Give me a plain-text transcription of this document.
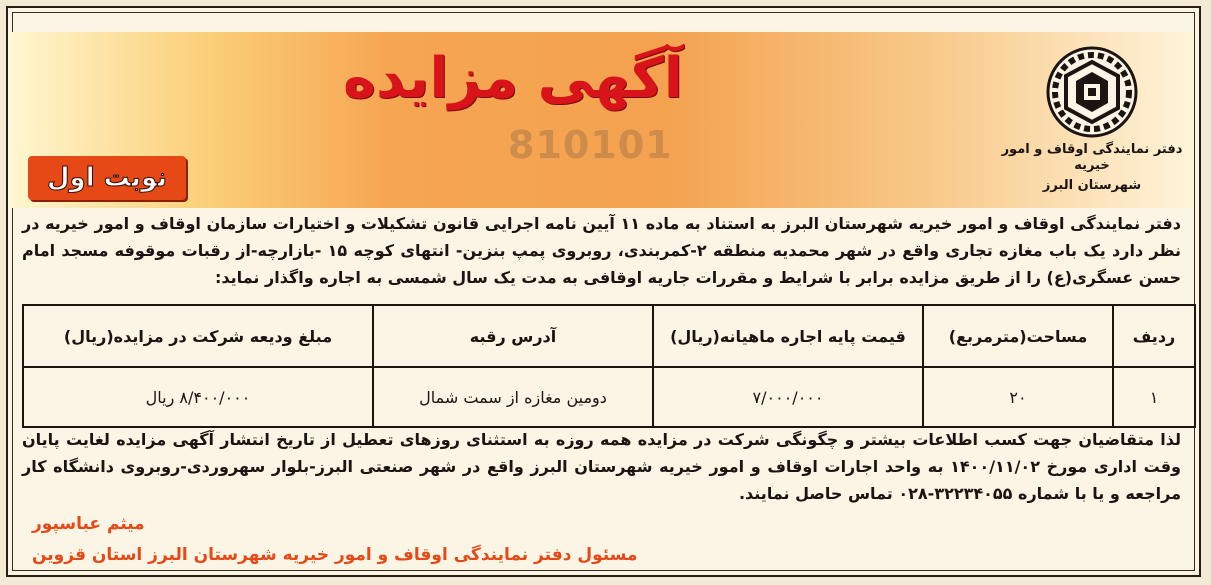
810101
آگهی مزایده
نوبت اول
دفتر نمایندگی اوقاف و امور خیریه
شهرستان البرز
دفتر نمایندگی اوقاف و امور خیریه شهرستان البرز به استناد به ماده ۱۱ آیین نامه اجرایی قانون تشکیلات و اختیارات سازمان اوقاف و امور خیریه در نظر دارد یک باب مغازه تجاری واقع در شهر محمدیه منطقه ۲-کمربندی، روبروی پمپ بنزین- انتهای کوچه ۱۵ -بازارچه-از رقبات موقوفه مسجد امام حسن عسگری(ع) را از طریق مزایده برابر با شرایط و مقررات جاریه اوقافی به مدت یک سال شمسی به اجاره واگذار نماید:
ردیف	مساحت(مترمربع)	قیمت پایه اجاره ماهیانه(ریال)	آدرس رقبه	مبلغ ودیعه شرکت در مزایده(ریال)
۱	۲۰	۷/۰۰۰/۰۰۰	دومین مغازه از سمت شمال	۸/۴۰۰/۰۰۰ ریال
لذا متقاضیان جهت کسب اطلاعات بیشتر و چگونگی شرکت در مزایده همه روزه به استثنای روزهای تعطیل از تاریخ انتشار آگهی مزایده لغایت پایان وقت اداری مورخ ۱۴۰۰/۱۱/۰۲ به واحد اجارات اوقاف و امور خیریه شهرستان البرز واقع در شهر صنعتی البرز-بلوار سهروردی-روبروی دانشگاه کار مراجعه و یا با شماره ۳۲۲۳۴۰۵۵-۰۲۸ تماس حاصل نمایند.
میثم عباسپور
مسئول دفتر نمایندگی اوقاف و امور خیریه شهرستان البرز استان قزوین
